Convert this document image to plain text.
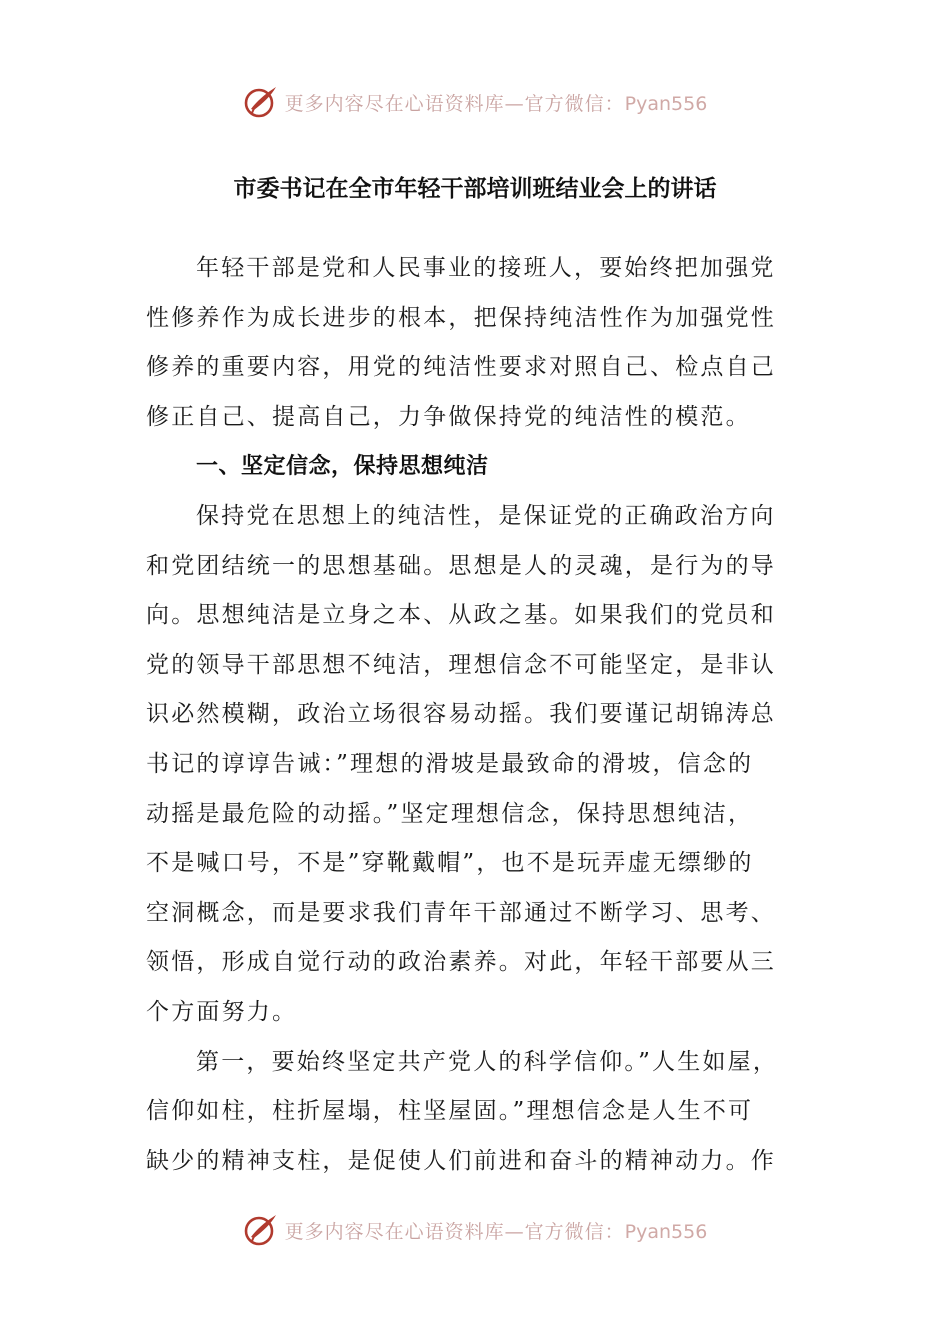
更多内容尽在心语资料库—官方微信：Pyan556
市委书记在全市年轻干部培训班结业会上的讲话
年轻干部是党和人民事业的接班人，要始终把加强党
性修养作为成长进步的根本，把保持纯洁性作为加强党性
修养的重要内容，用党的纯洁性要求对照自己、检点自己
修正自己、提高自己，力争做保持党的纯洁性的模范。
一、坚定信念，保持思想纯洁
保持党在思想上的纯洁性，是保证党的正确政治方向
和党团结统一的思想基础。思想是人的灵魂，是行为的导
向。思想纯洁是立身之本、从政之基。如果我们的党员和
党的领导干部思想不纯洁，理想信念不可能坚定，是非认
识必然模糊，政治立场很容易动摇。我们要谨记胡锦涛总
书记的谆谆告诫：”理想的滑坡是最致命的滑坡，信念的
动摇是最危险的动摇。”坚定理想信念，保持思想纯洁，
不是喊口号，不是”穿靴戴帽”，也不是玩弄虚无缥缈的
空洞概念，而是要求我们青年干部通过不断学习、思考、
领悟，形成自觉行动的政治素养。对此，年轻干部要从三
个方面努力。
第一，要始终坚定共产党人的科学信仰。”人生如屋，
信仰如柱，柱折屋塌，柱坚屋固。”理想信念是人生不可
缺少的精神支柱，是促使人们前进和奋斗的精神动力。作
更多内容尽在心语资料库—官方微信：Pyan556
